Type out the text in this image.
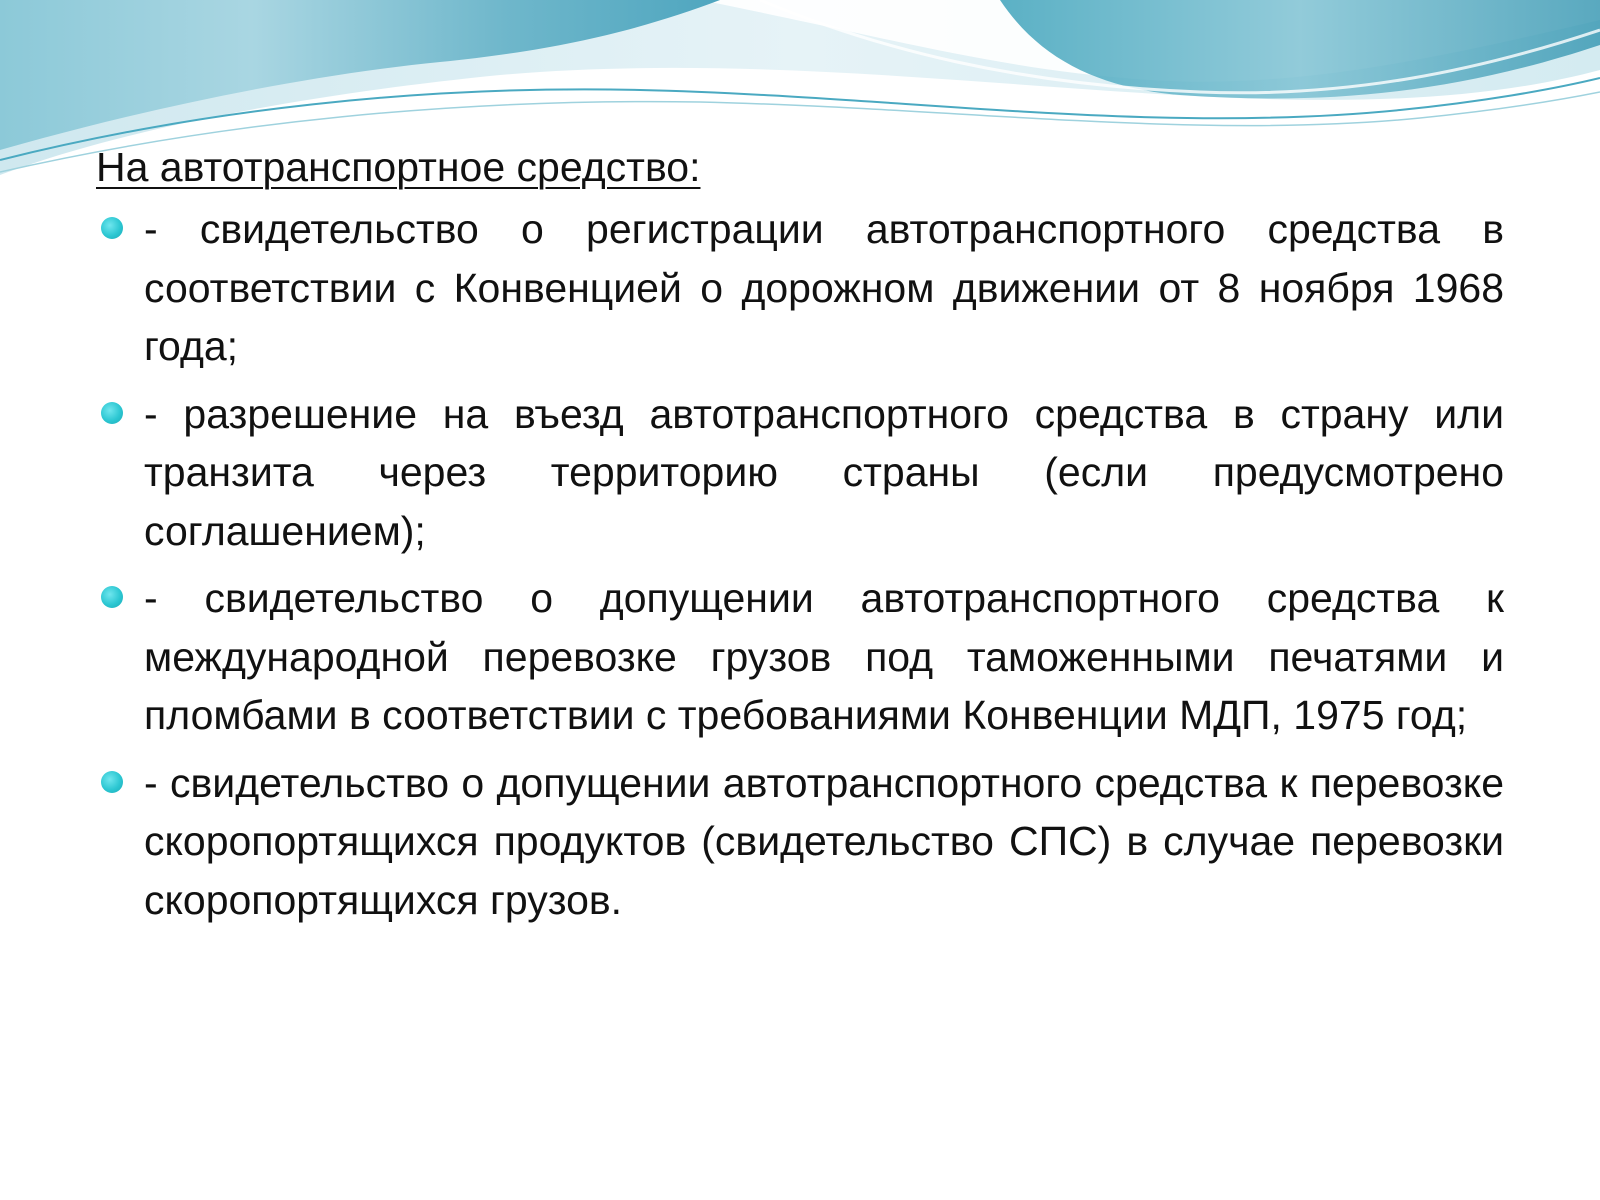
На автотранспортное средство:
- свидетельство о регистрации автотранспортного средства в соответствии с Конвенцией о дорожном движении от 8 ноября 1968 года;
- разрешение на въезд автотранспортного средства в страну или транзита через территорию страны (если предусмотрено соглашением);
- свидетельство о допущении автотранспортного средства к международной перевозке грузов под таможенными печатями и пломбами в соответствии с требованиями Конвенции МДП, 1975 год;
- свидетельство о допущении автотранспортного средства к перевозке скоропортящихся продуктов (свидетельство СПС) в случае перевозки скоропортящихся грузов.
